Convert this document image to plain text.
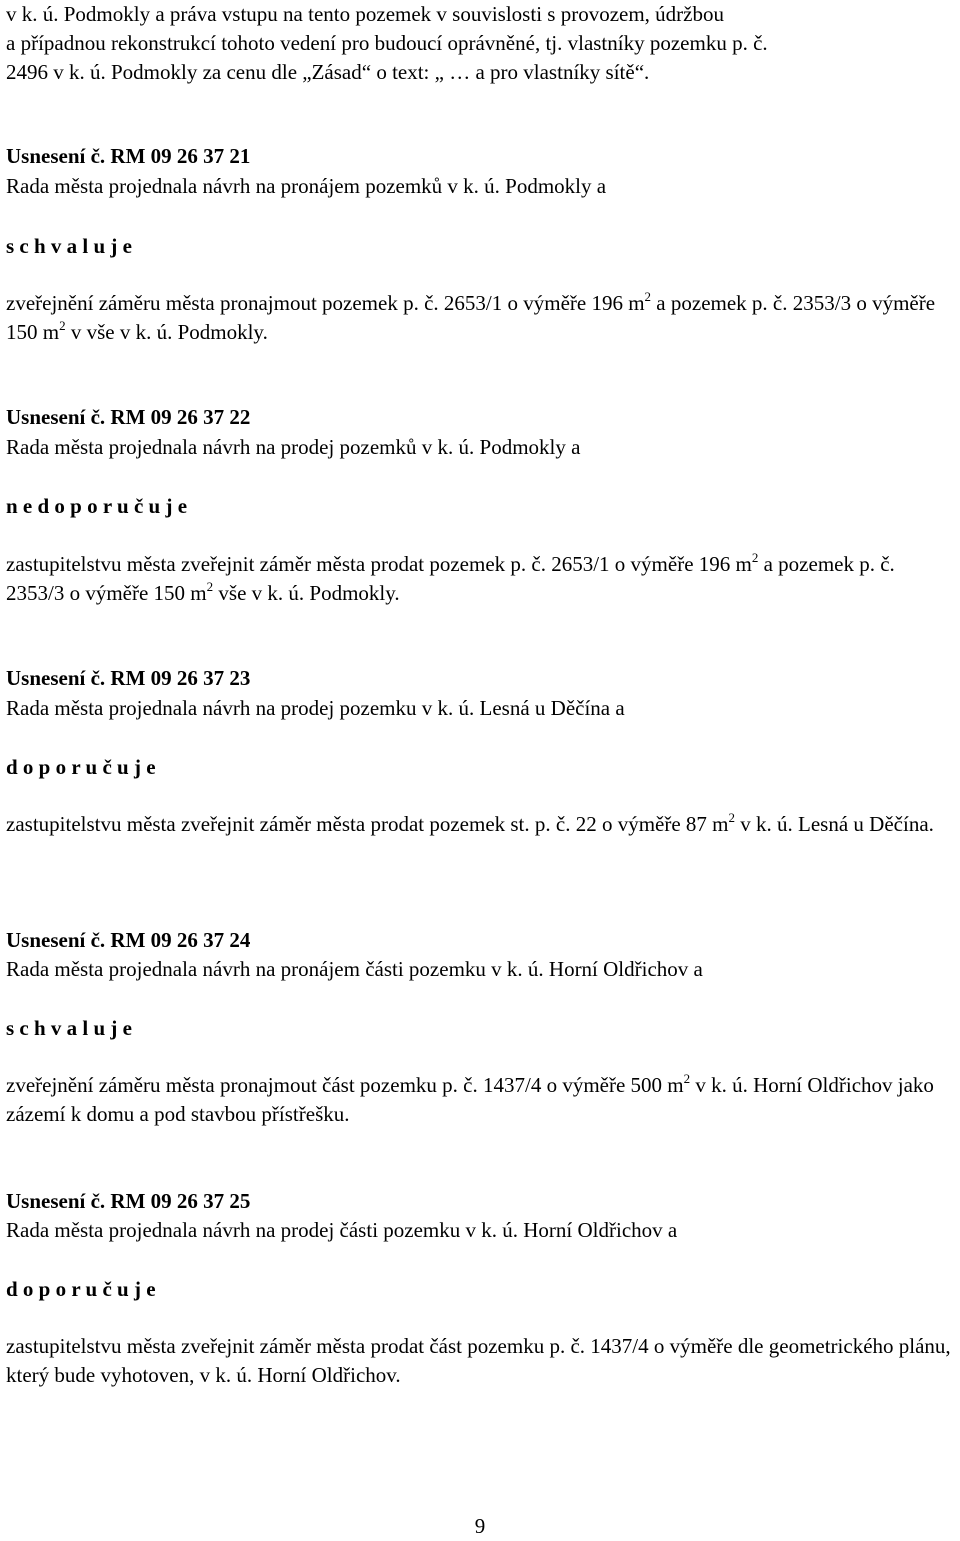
v k. ú. Podmokly a práva vstupu na tento pozemek v souvislosti s provozem, údržbou
a případnou rekonstrukcí tohoto vedení pro budoucí oprávněné, tj. vlastníky pozemku p. č.
2496 v k. ú. Podmokly za cenu dle „Zásad“ o text: „ … a pro vlastníky sítě“.
Usnesení č. RM 09 26 37 21
Rada města projednala návrh na pronájem pozemků v k. ú. Podmokly a
s c h v a l u j e
zveřejnění záměru města pronajmout pozemek p. č. 2653/1 o výměře 196 $m^2$ a pozemek p. č. 2353/3 o výměře 150 $m^2$ v vše v k. ú. Podmokly.
Usnesení č. RM 09 26 37 22
Rada města projednala návrh na prodej pozemků v k. ú. Podmokly a
n e d o p o r u č u j e
zastupitelstvu města zveřejnit záměr města prodat pozemek p. č. 2653/1 o výměře 196 $m^2$ a pozemek p. č. 2353/3 o výměře 150 $m^2$ vše v k. ú. Podmokly.
Usnesení č. RM 09 26 37 23
Rada města projednala návrh na prodej pozemku v k. ú. Lesná u Děčína a
d o p o r u č u j e
zastupitelstvu města zveřejnit záměr města prodat pozemek st. p. č. 22 o výměře 87 $m^2$ v k. ú. Lesná u Děčína.
Usnesení č. RM 09 26 37 24
Rada města projednala návrh na pronájem části pozemku v k. ú. Horní Oldřichov a
s c h v a l u j e
zveřejnění záměru města pronajmout část pozemku p. č. 1437/4 o výměře 500 $m^2$ v k. ú. Horní Oldřichov jako zázemí k domu a pod stavbou přístřešku.
Usnesení č. RM 09 26 37 25
Rada města projednala návrh na prodej části pozemku v k. ú. Horní Oldřichov a
d o p o r u č u j e
zastupitelstvu města zveřejnit záměr města prodat část pozemku p. č. 1437/4 o výměře dle geometrického plánu, který bude vyhotoven, v k. ú. Horní Oldřichov.
9
